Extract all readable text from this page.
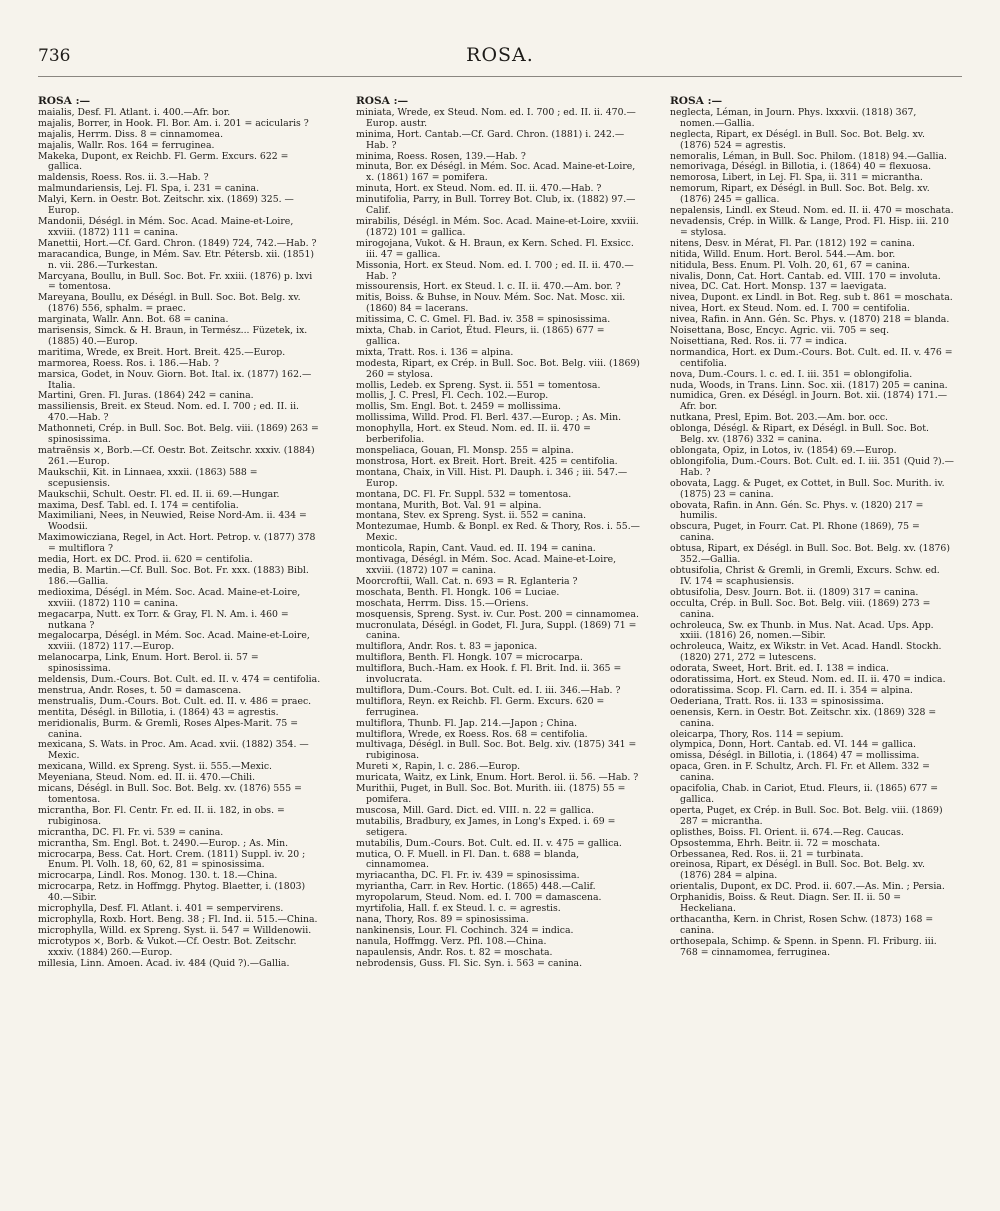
736	ROSA.
ROSA :—
maialis, Desf. Fl. Atlant. i. 400.—Afr. bor.
majalis, Borrer, in Hook. Fl. Bor. Am. i. 201 = acicularis ?
majalis, Herrm. Diss. 8 = cinnamomea.
majalis, Wallr. Ros. 164 = ferruginea.
Makeka, Dupont, ex Reichb. Fl. Germ. Excurs. 622 = gallica.
maldensis, Roess. Ros. ii. 3.—Hab. ?
malmundariensis, Lej. Fl. Spa, i. 231 = canina.
Malyi, Kern. in Oestr. Bot. Zeitschr. xix. (1869) 325. —Europ.
Mandonii, Déségl. in Mém. Soc. Acad. Maine-et-Loire, xxviii. (1872) 111 = canina.
Manettii, Hort.—Cf. Gard. Chron. (1849) 724, 742.—Hab. ?
maracandica, Bunge, in Mém. Sav. Etr. Pétersb. xii. (1851) n. vii. 286.—Turkestan.
Marcyana, Boullu, in Bull. Soc. Bot. Fr. xxiii. (1876) p. lxvi = tomentosa.
Mareyana, Boullu, ex Déségl. in Bull. Soc. Bot. Belg. xv. (1876) 556, sphalm. = praec.
marginata, Wallr. Ann. Bot. 68 = canina.
marisensis, Simck. & H. Braun, in Termész... Füzetek, ix. (1885) 40.—Europ.
maritima, Wrede, ex Breit. Hort. Breit. 425.—Europ.
marmorea, Roess. Ros. i. 186.—Hab. ?
marsica, Godet, in Nouv. Giorn. Bot. Ital. ix. (1877) 162.—Italia.
Martini, Gren. Fl. Juras. (1864) 242 = canina.
massiliensis, Breit. ex Steud. Nom. ed. I. 700 ; ed. II. ii. 470.—Hab. ?
Mathonneti, Crép. in Bull. Soc. Bot. Belg. viii. (1869) 263 = spinosissima.
matraënsis ×, Borb.—Cf. Oestr. Bot. Zeitschr. xxxiv. (1884) 261.—Europ.
Maukschii, Kit. in Linnaea, xxxii. (1863) 588 = scepusiensis.
Maukschii, Schult. Oestr. Fl. ed. II. ii. 69.—Hungar.
maxima, Desf. Tabl. ed. I. 174 = centifolia.
Maximiliani, Nees, in Neuwied, Reise Nord-Am. ii. 434 = Woodsii.
Maximowicziana, Regel, in Act. Hort. Petrop. v. (1877) 378 = multiflora ?
media, Hort. ex DC. Prod. ii. 620 = centifolia.
media, B. Martin.—Cf. Bull. Soc. Bot. Fr. xxx. (1883) Bibl. 186.—Gallia.
medioxima, Déségl. in Mém. Soc. Acad. Maine-et-Loire, xxviii. (1872) 110 = canina.
megacarpa, Nutt. ex Torr. & Gray, Fl. N. Am. i. 460 = nutkana ?
megalocarpa, Déségl. in Mém. Soc. Acad. Maine-et-Loire, xxviii. (1872) 117.—Europ.
melanocarpa, Link, Enum. Hort. Berol. ii. 57 = spinosissima.
meldensis, Dum.-Cours. Bot. Cult. ed. II. v. 474 = centifolia.
menstrua, Andr. Roses, t. 50 = damascena.
menstrualis, Dum.-Cours. Bot. Cult. ed. II. v. 486 = praec.
mentita, Déségl. in Billotia, i. (1864) 43 = agrestis.
meridionalis, Burm. & Gremli, Roses Alpes-Marit. 75 = canina.
mexicana, S. Wats. in Proc. Am. Acad. xvii. (1882) 354. —Mexic.
mexicana, Willd. ex Spreng. Syst. ii. 555.—Mexic.
Meyeniana, Steud. Nom. ed. II. ii. 470.—Chili.
micans, Déségl. in Bull. Soc. Bot. Belg. xv. (1876) 555 = tomentosa.
micrantha, Bor. Fl. Centr. Fr. ed. II. ii. 182, in obs. = rubiginosa.
micrantha, DC. Fl. Fr. vi. 539 = canina.
micrantha, Sm. Engl. Bot. t. 2490.—Europ. ; As. Min.
microcarpa, Bess. Cat. Hort. Crem. (1811) Suppl. iv. 20 ; Enum. Pl. Volh. 18, 60, 62, 81 = spinosissima.
microcarpa, Lindl. Ros. Monog. 130. t. 18.—China.
microcarpa, Retz. in Hoffmgg. Phytog. Blaetter, i. (1803) 40.—Sibir.
microphylla, Desf. Fl. Atlant. i. 401 = sempervirens.
microphylla, Roxb. Hort. Beng. 38 ; Fl. Ind. ii. 515.—China.
microphylla, Willd. ex Spreng. Syst. ii. 547 = Willdenowii.
microtypos ×, Borb. & Vukot.—Cf. Oestr. Bot. Zeitschr. xxxiv. (1884) 260.—Europ.
millesia, Linn. Amoen. Acad. iv. 484 (Quid ?).—Gallia.
ROSA :—
miniata, Wrede, ex Steud. Nom. ed. I. 700 ; ed. II. ii. 470.—Europ. austr.
minima, Hort. Cantab.—Cf. Gard. Chron. (1881) i. 242.—Hab. ?
minima, Roess. Rosen, 139.—Hab. ?
minuta, Bor. ex Déségl. in Mém. Soc. Acad. Maine-et-Loire, x. (1861) 167 = pomifera.
minuta, Hort. ex Steud. Nom. ed. II. ii. 470.—Hab. ?
minutifolia, Parry, in Bull. Torrey Bot. Club, ix. (1882) 97.—Calif.
mirabilis, Déségl. in Mém. Soc. Acad. Maine-et-Loire, xxviii. (1872) 101 = gallica.
mirogojana, Vukot. & H. Braun, ex Kern. Sched. Fl. Exsicc. iii. 47 = gallica.
Missonia, Hort. ex Steud. Nom. ed. I. 700 ; ed. II. ii. 470.—Hab. ?
missourensis, Hort. ex Steud. l. c. II. ii. 470.—Am. bor. ?
mitis, Boiss. & Buhse, in Nouv. Mém. Soc. Nat. Mosc. xii. (1860) 84 = lacerans.
mitissima, C. C. Gmel. Fl. Bad. iv. 358 = spinosissima.
mixta, Chab. in Cariot, Étud. Fleurs, ii. (1865) 677 = gallica.
mixta, Tratt. Ros. i. 136 = alpina.
modesta, Ripart, ex Crép. in Bull. Soc. Bot. Belg. viii. (1869) 260 = stylosa.
mollis, Ledeb. ex Spreng. Syst. ii. 551 = tomentosa.
mollis, J. C. Presl, Fl. Cech. 102.—Europ.
mollis, Sm. Engl. Bot. t. 2459 = mollissima.
mollissima, Willd. Prod. Fl. Berl. 437.—Europ. ; As. Min.
monophylla, Hort. ex Steud. Nom. ed. II. ii. 470 = berberifolia.
monspeliaca, Gouan, Fl. Monsp. 255 = alpina.
monstrosa, Hort. ex Breit. Hort. Breit. 425 = centifolia.
montana, Chaix, in Vill. Hist. Pl. Dauph. i. 346 ; iii. 547.—Europ.
montana, DC. Fl. Fr. Suppl. 532 = tomentosa.
montana, Murith, Bot. Val. 91 = alpina.
montana, Stev. ex Spreng. Syst. ii. 552 = canina.
Montezumae, Humb. & Bonpl. ex Red. & Thory, Ros. i. 55.—Mexic.
monticola, Rapin, Cant. Vaud. ed. II. 194 = canina.
montivaga, Déségl. in Mém. Soc. Acad. Maine-et-Loire, xxviii. (1872) 107 = canina.
Moorcroftii, Wall. Cat. n. 693 = R. Eglanteria ?
moschata, Benth. Fl. Hongk. 106 = Luciae.
moschata, Herrm. Diss. 15.—Oriens.
mosquensis, Spreng. Syst. iv. Cur. Post. 200 = cinnamomea.
mucronulata, Déségl. in Godet, Fl. Jura, Suppl. (1869) 71 = canina.
multiflora, Andr. Ros. t. 83 = japonica.
multiflora, Benth. Fl. Hongk. 107 = microcarpa.
multiflora, Buch.-Ham. ex Hook. f. Fl. Brit. Ind. ii. 365 = involucrata.
multiflora, Dum.-Cours. Bot. Cult. ed. I. iii. 346.—Hab. ?
multiflora, Reyn. ex Reichb. Fl. Germ. Excurs. 620 = ferruginea.
multiflora, Thunb. Fl. Jap. 214.—Japon ; China.
multiflora, Wrede, ex Roess. Ros. 68 = centifolia.
multivaga, Déségl. in Bull. Soc. Bot. Belg. xiv. (1875) 341 = rubiginosa.
Mureti ×, Rapin, l. c. 286.—Europ.
muricata, Waitz, ex Link, Enum. Hort. Berol. ii. 56. —Hab. ?
Murithii, Puget, in Bull. Soc. Bot. Murith. iii. (1875) 55 = pomifera.
muscosa, Mill. Gard. Dict. ed. VIII. n. 22 = gallica.
mutabilis, Bradbury, ex James, in Long's Exped. i. 69 = setigera.
mutabilis, Dum.-Cours. Bot. Cult. ed. II. v. 475 = gallica.
mutica, O. F. Muell. in Fl. Dan. t. 688 = blanda, cinnamomea.
myriacantha, DC. Fl. Fr. iv. 439 = spinosissima.
myriantha, Carr. in Rev. Hortic. (1865) 448.—Calif.
myropolarum, Steud. Nom. ed. I. 700 = damascena.
myrtifolia, Hall. f. ex Steud. l. c. = agrestis.
nana, Thory, Ros. 89 = spinosissima.
nankinensis, Lour. Fl. Cochinch. 324 = indica.
nanula, Hoffmgg. Verz. Pfl. 108.—China.
napaulensis, Andr. Ros. t. 82 = moschata.
nebrodensis, Guss. Fl. Sic. Syn. i. 563 = canina.
ROSA :—
neglecta, Léman, in Journ. Phys. lxxxvii. (1818) 367, nomen.—Gallia.
neglecta, Ripart, ex Déségl. in Bull. Soc. Bot. Belg. xv. (1876) 524 = agrestis.
nemoralis, Léman, in Bull. Soc. Philom. (1818) 94.—Gallia.
nemorivaga, Déségl. in Billotia, i. (1864) 40 = flexuosa.
nemorosa, Libert, in Lej. Fl. Spa, ii. 311 = micrantha.
nemorum, Ripart, ex Déségl. in Bull. Soc. Bot. Belg. xv. (1876) 245 = gallica.
nepalensis, Lindl. ex Steud. Nom. ed. II. ii. 470 = moschata.
nevadensis, Crép. in Willk. & Lange, Prod. Fl. Hisp. iii. 210 = stylosa.
nitens, Desv. in Mérat, Fl. Par. (1812) 192 = canina.
nitida, Willd. Enum. Hort. Berol. 544.—Am. bor.
nitidula, Bess. Enum. Pl. Volh. 20, 61, 67 = canina.
nivalis, Donn, Cat. Hort. Cantab. ed. VIII. 170 = involuta.
nivea, DC. Cat. Hort. Monsp. 137 = laevigata.
nivea, Dupont. ex Lindl. in Bot. Reg. sub t. 861 = moschata.
nivea, Hort. ex Steud. Nom. ed. I. 700 = centifolia.
nivea, Rafin. in Ann. Gén. Sc. Phys. v. (1870) 218 = blanda.
Noisettana, Bosc, Encyc. Agric. vii. 705 = seq.
Noisettiana, Red. Ros. ii. 77 = indica.
normandica, Hort. ex Dum.-Cours. Bot. Cult. ed. II. v. 476 = centifolia.
nova, Dum.-Cours. l. c. ed. I. iii. 351 = oblongifolia.
nuda, Woods, in Trans. Linn. Soc. xii. (1817) 205 = canina.
numidica, Gren. ex Déségl. in Journ. Bot. xii. (1874) 171.—Afr. bor.
nutkana, Presl, Epim. Bot. 203.—Am. bor. occ.
oblonga, Déségl. & Ripart, ex Déségl. in Bull. Soc. Bot. Belg. xv. (1876) 332 = canina.
oblongata, Opiz, in Lotos, iv. (1854) 69.—Europ.
oblongifolia, Dum.-Cours. Bot. Cult. ed. I. iii. 351 (Quid ?).—Hab. ?
obovata, Lagg. & Puget, ex Cottet, in Bull. Soc. Murith. iv. (1875) 23 = canina.
obovata, Rafin. in Ann. Gén. Sc. Phys. v. (1820) 217 = humilis.
obscura, Puget, in Fourr. Cat. Pl. Rhone (1869), 75 = canina.
obtusa, Ripart, ex Déségl. in Bull. Soc. Bot. Belg. xv. (1876) 352.—Gallia.
obtusifolia, Christ & Gremli, in Gremli, Excurs. Schw. ed. IV. 174 = scaphusiensis.
obtusifolia, Desv. Journ. Bot. ii. (1809) 317 = canina.
occulta, Crép. in Bull. Soc. Bot. Belg. viii. (1869) 273 = canina.
ochroleuca, Sw. ex Thunb. in Mus. Nat. Acad. Ups. App. xxiii. (1816) 26, nomen.—Sibir.
ochroleuca, Waitz, ex Wikstr. in Vet. Acad. Handl. Stockh. (1820) 271, 272 = lutescens.
odorata, Sweet, Hort. Brit. ed. I. 138 = indica.
odoratissima, Hort. ex Steud. Nom. ed. II. ii. 470 = indica.
odoratissima. Scop. Fl. Carn. ed. II. i. 354 = alpina.
Oederiana, Tratt. Ros. ii. 133 = spinosissima.
oenensis, Kern. in Oestr. Bot. Zeitschr. xix. (1869) 328 = canina.
oleicarpa, Thory, Ros. 114 = sepium.
olympica, Donn, Hort. Cantab. ed. VI. 144 = gallica.
omissa, Déségl. in Billotia, i. (1864) 47 = mollissima.
opaca, Gren. in F. Schultz, Arch. Fl. Fr. et Allem. 332 = canina.
opacifolia, Chab. in Cariot, Etud. Fleurs, ii. (1865) 677 = gallica.
operta, Puget, ex Crép. in Bull. Soc. Bot. Belg. viii. (1869) 287 = micrantha.
oplisthes, Boiss. Fl. Orient. ii. 674.—Reg. Caucas.
Opsostemma, Ehrh. Beitr. ii. 72 = moschata.
Orbessanea, Red. Ros. ii. 21 = turbinata.
oreinosa, Ripart, ex Déségl. in Bull. Soc. Bot. Belg. xv. (1876) 284 = alpina.
orientalis, Dupont, ex DC. Prod. ii. 607.—As. Min. ; Persia.
Orphanidis, Boiss. & Reut. Diagn. Ser. II. ii. 50 = Heckeliana.
orthacantha, Kern. in Christ, Rosen Schw. (1873) 168 = canina.
orthosepala, Schimp. & Spenn. in Spenn. Fl. Friburg. iii. 768 = cinnamomea, ferruginea.
